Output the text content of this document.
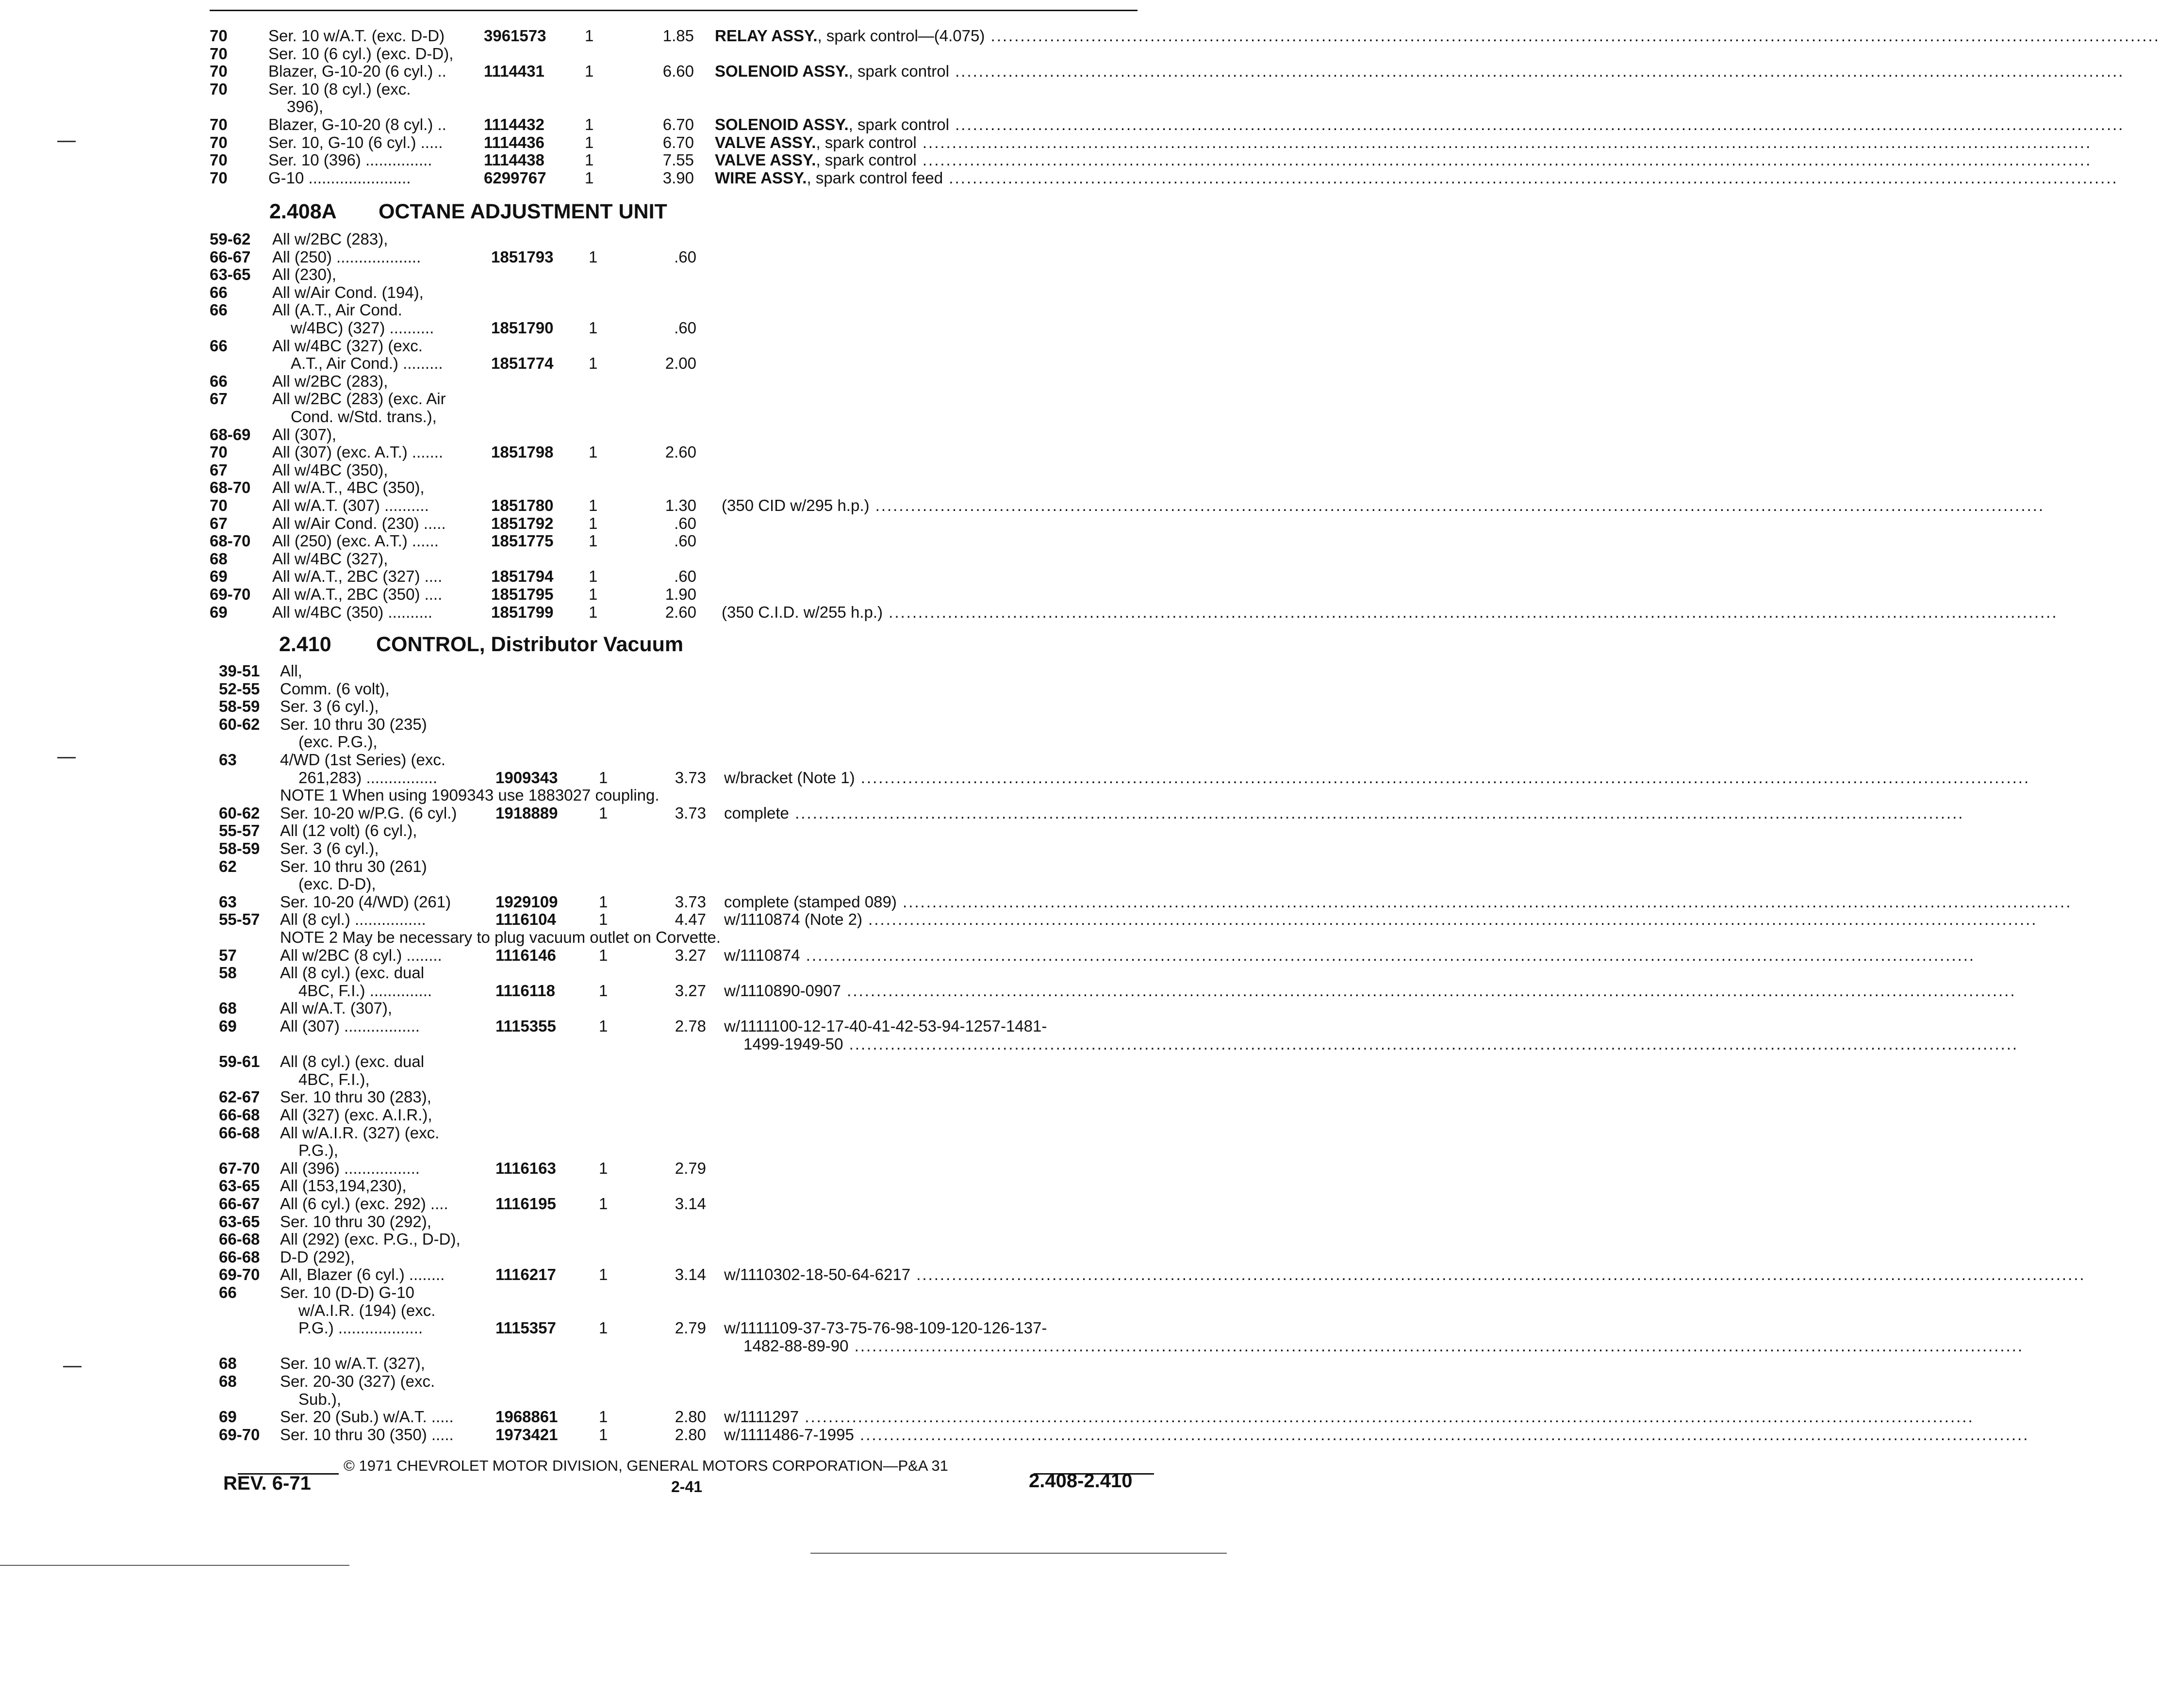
70	Ser. 10 w/A.T. (exc. D-D) 3961573 1	1.85 RELAY ASSY., spark control—(4.075) ......................................................................................................................................................................................................
70	Ser. 10 (6 cyl.) (exc. D-D),
70	Blazer, G-10-20 (6 cyl.) .. 1114431	1	6.60 SOLENOID ASSY., spark control ......................................................................................................................................................................................................
70	Ser. 10 (8 cyl.) (exc.
396),
70	Blazer, G-10-20 (8 cyl.) .. 1114432	1	6.70 SOLENOID ASSY., spark control ......................................................................................................................................................................................................
70	Ser. 10, G-10 (6 cyl.) .....	1114436	1	6.70 VALVE ASSY., spark control ......................................................................................................................................................................................................
70	Ser. 10 (396) ...............	1114438	1	7.55 VALVE ASSY., spark control ......................................................................................................................................................................................................
70	G-10 .......................	6299767 1	3.90 WIRE ASSY., spark control feed ......................................................................................................................................................................................................
2.408A OCTANE ADJUSTMENT UNIT
59-62 All w/2BC (283),
66-67 All (250) ...................	1851793 1	.60
63-65 All (230),
66	All w/Air Cond. (194),
66	All (A.T., Air Cond.
w/4BC) (327) ..........	1851790 1	.60
66	All w/4BC (327) (exc.
A.T., Air Cond.) .........	1851774 1	2.00
66	All w/2BC (283),
67	All w/2BC (283) (exc. Air
Cond. w/Std. trans.),
68-69 All (307),
70	All (307) (exc. A.T.) .......	1851798 1	2.60
67	All w/4BC (350),
68-70 All w/A.T., 4BC (350),
70	All w/A.T. (307) ..........	1851780 1	1.30 (350 CID w/295 h.p.) ......................................................................................................................................................................................................
67	All w/Air Cond. (230) .....	1851792 1	.60
68-70 All (250) (exc. A.T.) ......	1851775 1	.60
68	All w/4BC (327),
69	All w/A.T., 2BC (327) ....	1851794 1	.60
69-70 All w/A.T., 2BC (350) ....	1851795 1	1.90
69	All w/4BC (350) ..........	1851799 1	2.60 (350 C.I.D. w/255 h.p.) ......................................................................................................................................................................................................
2.410 CONTROL, Distributor Vacuum
39-51 All,
52-55 Comm. (6 volt),
58-59 Ser. 3 (6 cyl.),
60-62 Ser. 10 thru 30 (235)
(exc. P.G.),
63	4/WD (1st Series) (exc.
261,283) ................	1909343	1	3.73 w/bracket (Note 1) ......................................................................................................................................................................................................
NOTE 1 When using 1909343 use 1883027 coupling.
60-62 Ser. 10-20 w/P.G. (6 cyl.) 1918889	1	3.73 complete ......................................................................................................................................................................................................
55-57 All (12 volt) (6 cyl.),
58-59 Ser. 3 (6 cyl.),
62	Ser. 10 thru 30 (261)
(exc. D-D),
63	Ser. 10-20 (4/WD) (261)	1929109	1	3.73 complete (stamped 089) ......................................................................................................................................................................................................
55-57 All (8 cyl.) ................	1116104	1	4.47 w/1110874 (Note 2) ......................................................................................................................................................................................................
NOTE 2 May be necessary to plug vacuum outlet on Corvette.
57	All w/2BC (8 cyl.) ........	1116146	1	3.27 w/1110874 ......................................................................................................................................................................................................
58	All (8 cyl.) (exc. dual
4BC, F.I.) ..............	1116118	1	3.27 w/1110890-0907 ......................................................................................................................................................................................................
68	All w/A.T. (307),
69	All (307) .................	1115355	1	2.78 w/1111100-12-17-40-41-42-53-94-1257-1481-
1499-1949-50 ......................................................................................................................................................................................................
59-61 All (8 cyl.) (exc. dual
4BC, F.I.),
62-67 Ser. 10 thru 30 (283),
66-68 All (327) (exc. A.I.R.),
66-68 All w/A.I.R. (327) (exc.
P.G.),
67-70 All (396) .................	1116163	1	2.79
63-65 All (153,194,230),
66-67 All (6 cyl.) (exc. 292) ....	1116195	1	3.14
63-65 Ser. 10 thru 30 (292),
66-68 All (292) (exc. P.G., D-D),
66-68 D-D (292),
69-70 All, Blazer (6 cyl.) ........	1116217	1	3.14 w/1110302-18-50-64-6217 ......................................................................................................................................................................................................
66	Ser. 10 (D-D) G-10
w/A.I.R. (194) (exc.
P.G.) ...................	1115357	1	2.79 w/1111109-37-73-75-76-98-109-120-126-137-
1482-88-89-90 ......................................................................................................................................................................................................
68	Ser. 10 w/A.T. (327),
68	Ser. 20-30 (327) (exc.
Sub.),
69	Ser. 20 (Sub.) w/A.T. .....	1968861	1	2.80 w/1111297 ......................................................................................................................................................................................................
69-70 Ser. 10 thru 30 (350) .....	1973421	1	2.80 w/1111486-7-1995 ......................................................................................................................................................................................................
© 1971 CHEVROLET MOTOR DIVISION, GENERAL MOTORS CORPORATION—P&A 31
REV. 6-71	2-41	2.408-2.410
